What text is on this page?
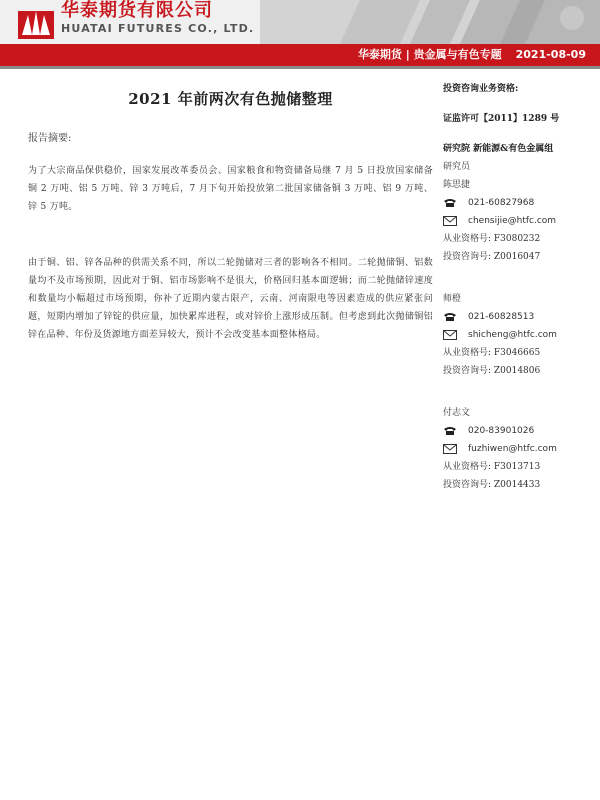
华泰期货有限公司
HUATAI FUTURES CO., LTD.
华泰期货 | 贵金属与有色专题 2021-08-09
2021 年前两次有色抛储整理
报告摘要:

为了大宗商品保供稳价，国家发展改革委员会、国家粮食和物资储备局继 7 月 5 日投放国家储备铜 2 万吨、铝 5 万吨、锌 3 万吨后，7 月下旬开始投放第二批国家储备铜 3 万吨、铝 9 万吨、锌 5 万吨。

由于铜、铝、锌各品种的供需关系不同，所以二轮抛储对三者的影响各不相同。二轮抛储铜、铝数量均不及市场预期，因此对于铜、铝市场影响不是很大，价格回归基本面逻辑；而二轮抛储锌速度和数量均小幅超过市场预期，你补了近期内蒙古限产，云南、河南限电等因素造成的供应紧张问题，短期内增加了锌锭的供应量，加快累库进程，或对锌价上涨形成压制。但考虑到此次抛储铜铝锌在品种、年份及货源地方面差异较大，预计不会改变基本面整体格局。

投资咨询业务资格:
证监许可【2011】1289 号
研究院 新能源&有色金属组
研究员
陈思捷
021-60827968
chensijie@htfc.com
从业资格号: F3080232
投资咨询号: Z0016047
师橙
021-60828513
shicheng@htfc.com
从业资格号: F3046665
投资咨询号: Z0014806
付志文
020-83901026
fuzhiwen@htfc.com
从业资格号: F3013713
投资咨询号: Z0014433
